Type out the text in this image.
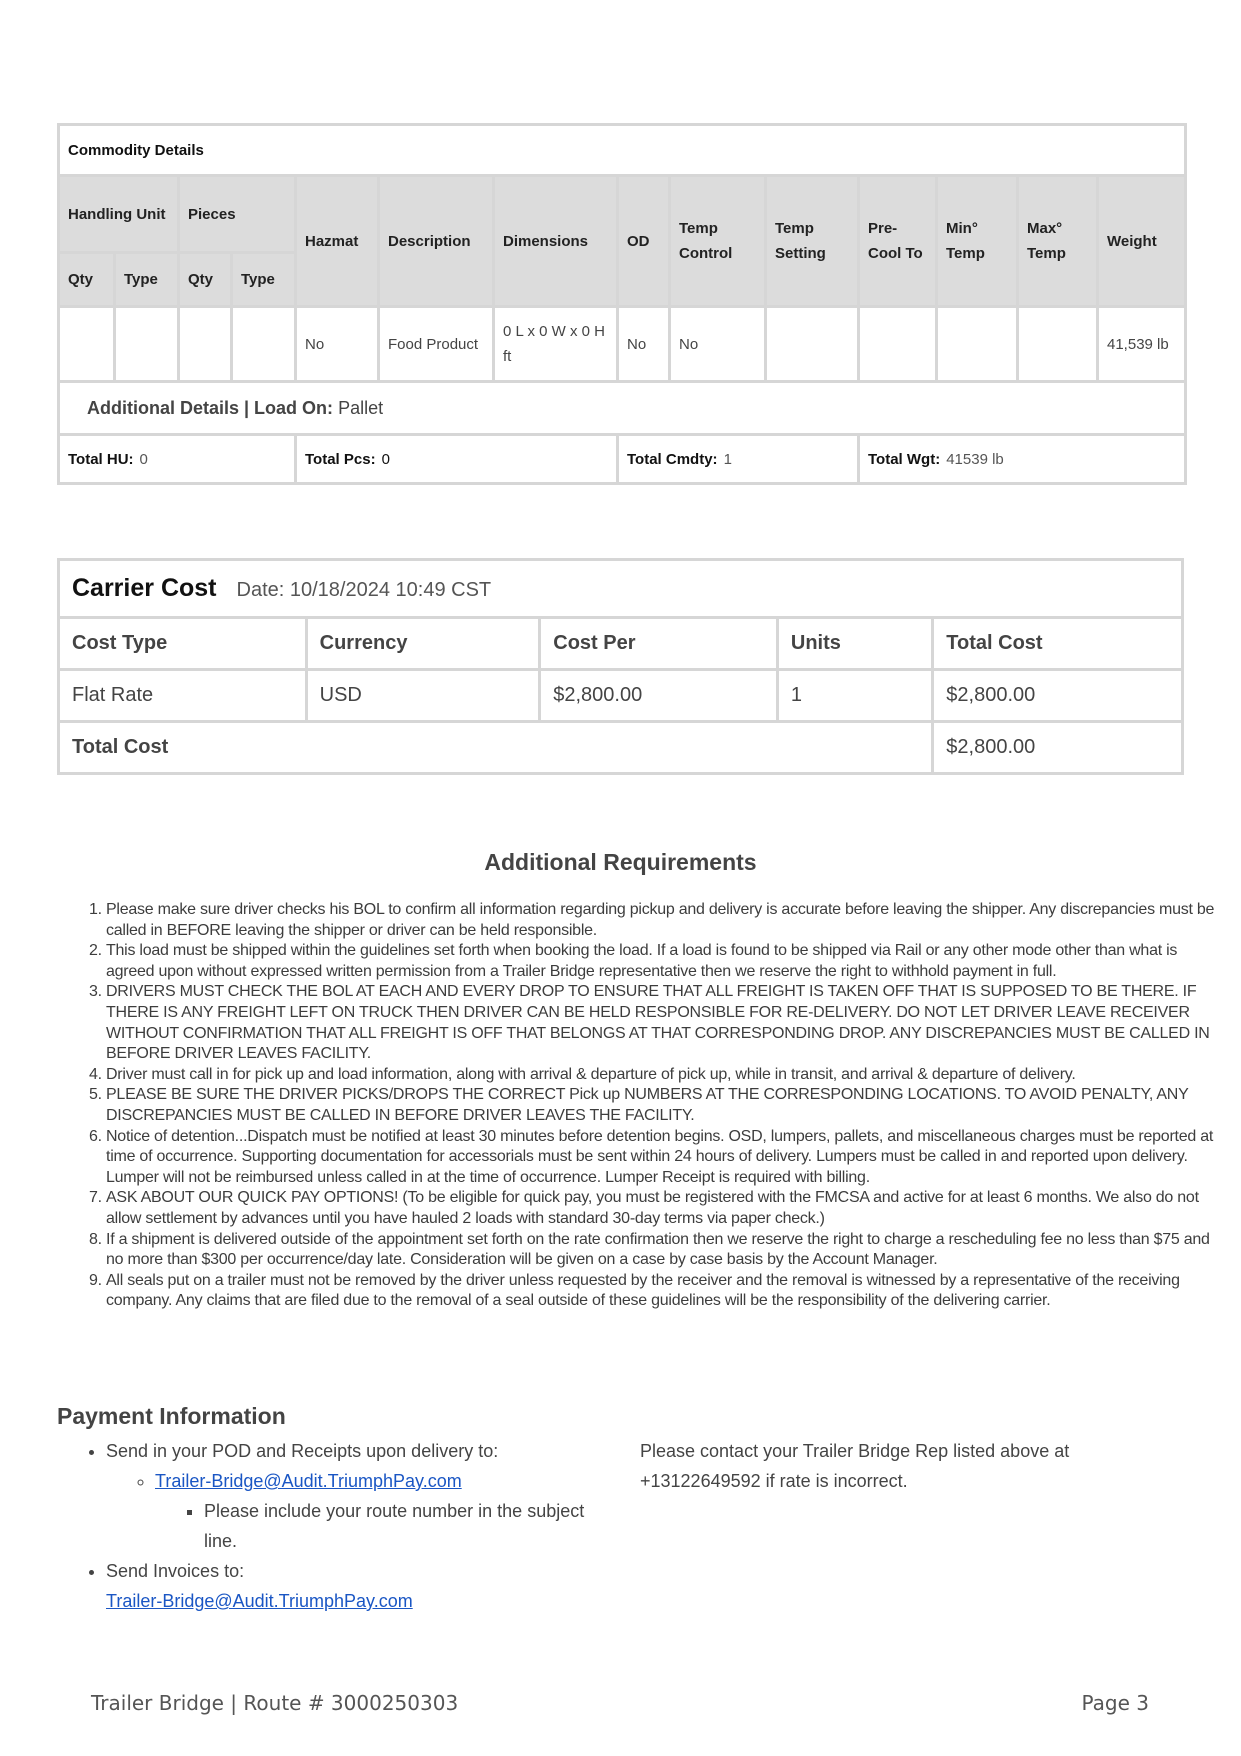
Commodity Details													
Handling Unit		Pieces		Hazmat	Description	Dimensions	OD	Temp Control	Temp Setting	Pre-Cool To	Min° Temp	Max° Temp	Weight
Qty	Type	Qty	Type										
				No	Food Product	0 L x 0 W x 0 H ft	No	No					41,539 lb
Additional Details | Load On: Pallet													
Total HU: 0				Total Pcs: 0			Total Cmdty: 1			Total Wgt: 41539 lb			
Carrier Cost Date: 10/18/2024 10:49 CST				
Cost Type	Currency	Cost Per	Units	Total Cost
Flat Rate	USD	$2,800.00	1	$2,800.00
Total Cost				$2,800.00
Additional Requirements
1. Please make sure driver checks his BOL to confirm all information regarding pickup and delivery is accurate before leaving the shipper. Any discrepancies must be called in BEFORE leaving the shipper or driver can be held responsible.
2. This load must be shipped within the guidelines set forth when booking the load. If a load is found to be shipped via Rail or any other mode other than what is agreed upon without expressed written permission from a Trailer Bridge representative then we reserve the right to withhold payment in full.
3. DRIVERS MUST CHECK THE BOL AT EACH AND EVERY DROP TO ENSURE THAT ALL FREIGHT IS TAKEN OFF THAT IS SUPPOSED TO BE THERE. IF THERE IS ANY FREIGHT LEFT ON TRUCK THEN DRIVER CAN BE HELD RESPONSIBLE FOR RE-DELIVERY. DO NOT LET DRIVER LEAVE RECEIVER WITHOUT CONFIRMATION THAT ALL FREIGHT IS OFF THAT BELONGS AT THAT CORRESPONDING DROP. ANY DISCREPANCIES MUST BE CALLED IN BEFORE DRIVER LEAVES FACILITY.
4. Driver must call in for pick up and load information, along with arrival & departure of pick up, while in transit, and arrival & departure of delivery.
5. PLEASE BE SURE THE DRIVER PICKS/DROPS THE CORRECT Pick up NUMBERS AT THE CORRESPONDING LOCATIONS. TO AVOID PENALTY, ANY DISCREPANCIES MUST BE CALLED IN BEFORE DRIVER LEAVES THE FACILITY.
6. Notice of detention...Dispatch must be notified at least 30 minutes before detention begins. OSD, lumpers, pallets, and miscellaneous charges must be reported at time of occurrence. Supporting documentation for accessorials must be sent within 24 hours of delivery. Lumpers must be called in and reported upon delivery. Lumper will not be reimbursed unless called in at the time of occurrence. Lumper Receipt is required with billing.
7. ASK ABOUT OUR QUICK PAY OPTIONS! (To be eligible for quick pay, you must be registered with the FMCSA and active for at least 6 months. We also do not allow settlement by advances until you have hauled 2 loads with standard 30-day terms via paper check.)
8. If a shipment is delivered outside of the appointment set forth on the rate confirmation then we reserve the right to charge a rescheduling fee no less than $75 and no more than $300 per occurrence/day late. Consideration will be given on a case by case basis by the Account Manager.
9. All seals put on a trailer must not be removed by the driver unless requested by the receiver and the removal is witnessed by a representative of the receiving company. Any claims that are filed due to the removal of a seal outside of these guidelines will be the responsibility of the delivering carrier.
Payment Information
• Send in your POD and Receipts upon delivery to:
◦ Trailer-Bridge@Audit.TriumphPay.com
▪ Please include your route number in the subject line.
• Send Invoices to:
Trailer-Bridge@Audit.TriumphPay.com
Please contact your Trailer Bridge Rep listed above at +13122649592 if rate is incorrect.
Trailer Bridge | Route # 3000250303	Page 3
